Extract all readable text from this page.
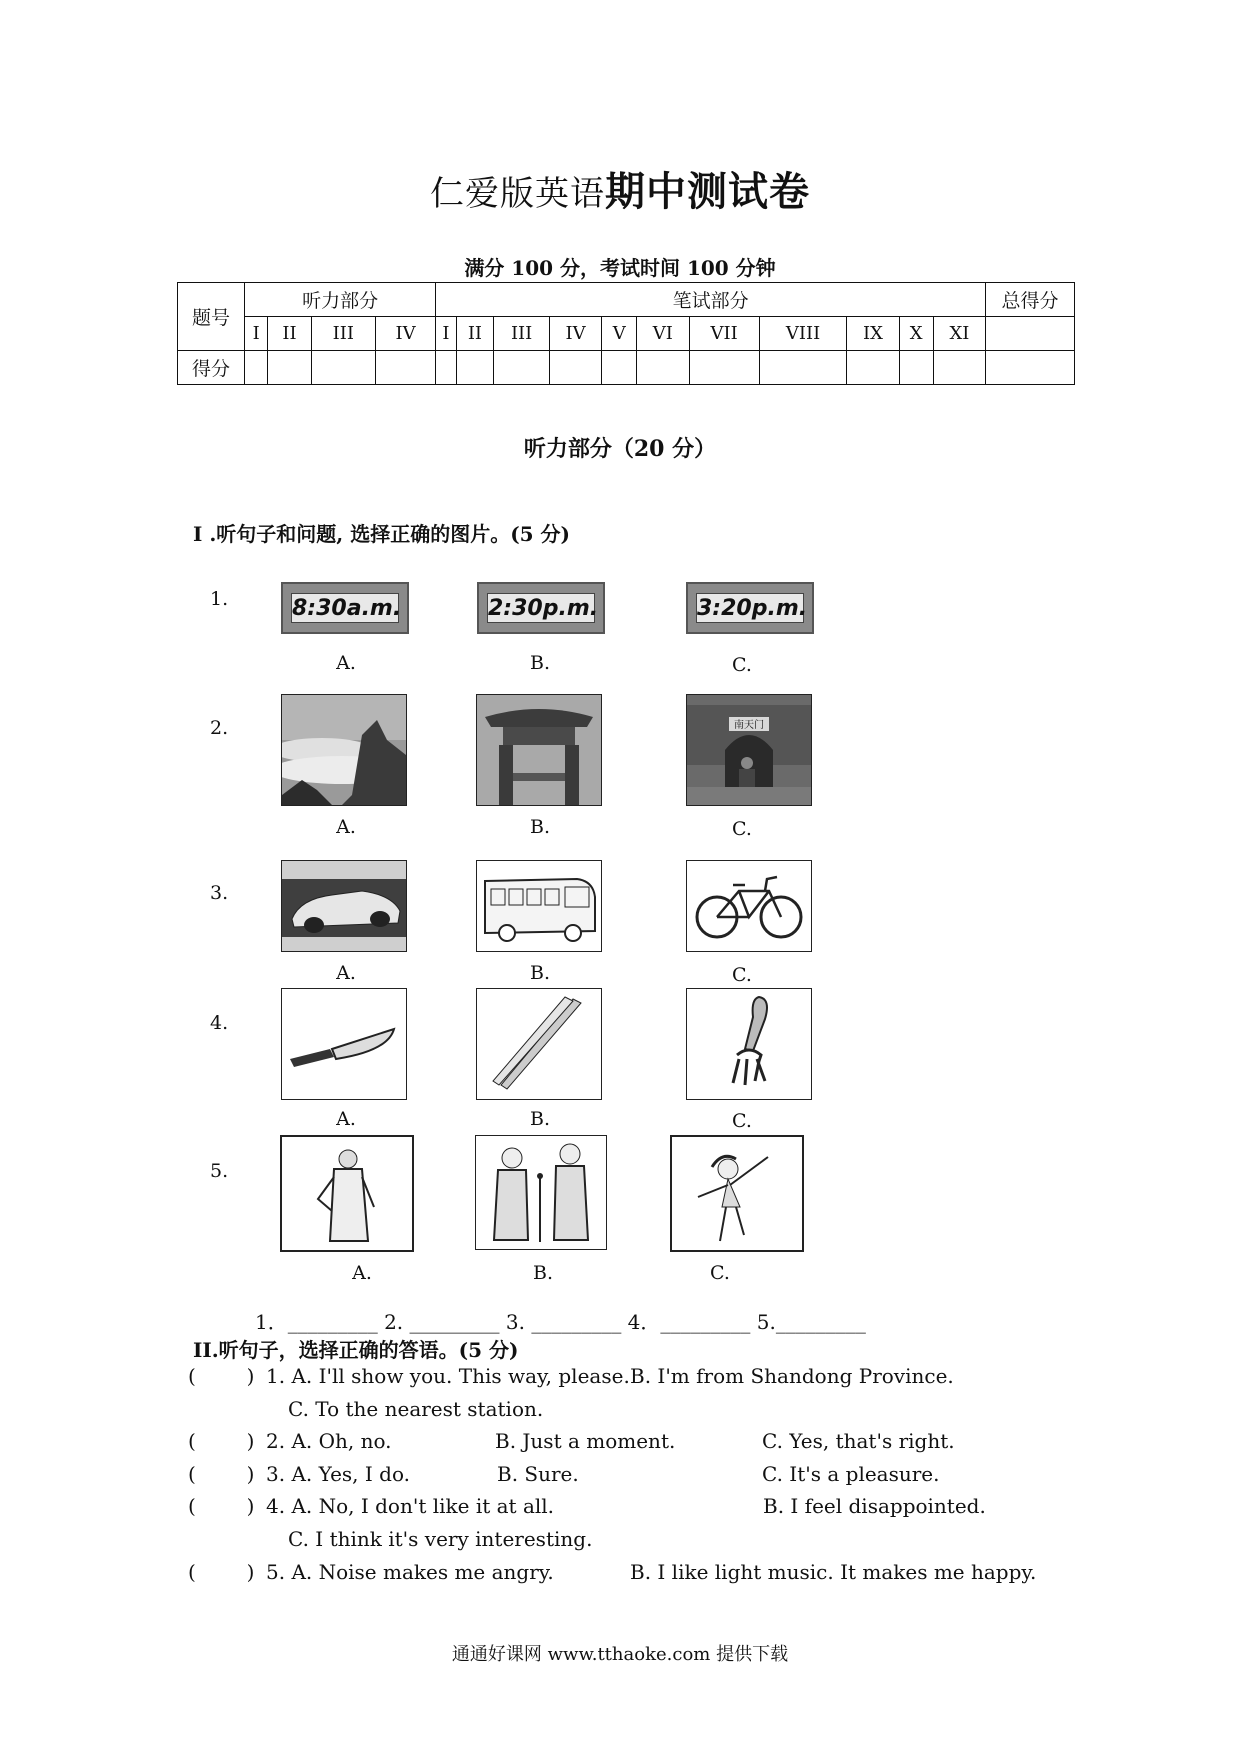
仁爱版英语期中测试卷
满分 100 分，考试时间 100 分钟
题号	听力部分				笔试部分											总得分
	I	II	III	IV	I	II	III	IV	V	VI	VII	VIII	IX	X	XI	
得分																
听力部分（20 分）
I .听句子和问题, 选择正确的图片。(5 分)
1.	8:30a.m.	2:30p.m.	3:20p.m.
A.	B.	C.
2.	南天门
A.	B.	C.
3.
A.	B.	C.
4.
A.	B.	C.
5.
A.	B.	C.
1．_________ 2. _________ 3. _________ 4．_________ 5._________
II.听句子，选择正确的答语。(5 分)
(        ) 1. A. I'll show you. This way, please. B. I'm from Shandong Province.
C. To the nearest station.
(        ) 2. A. Oh, no.	B. Just a moment.	C. Yes, that's right.
(        ) 3. A. Yes, I do.	B. Sure.	C. It's a pleasure.
(        ) 4. A. No, I don't like it at all.	B. I feel disappointed.
C. I think it's very interesting.
(        ) 5. A. Noise makes me angry.	B. I like light music. It makes me happy.
通通好课网 www.tthaoke.com 提供下载
